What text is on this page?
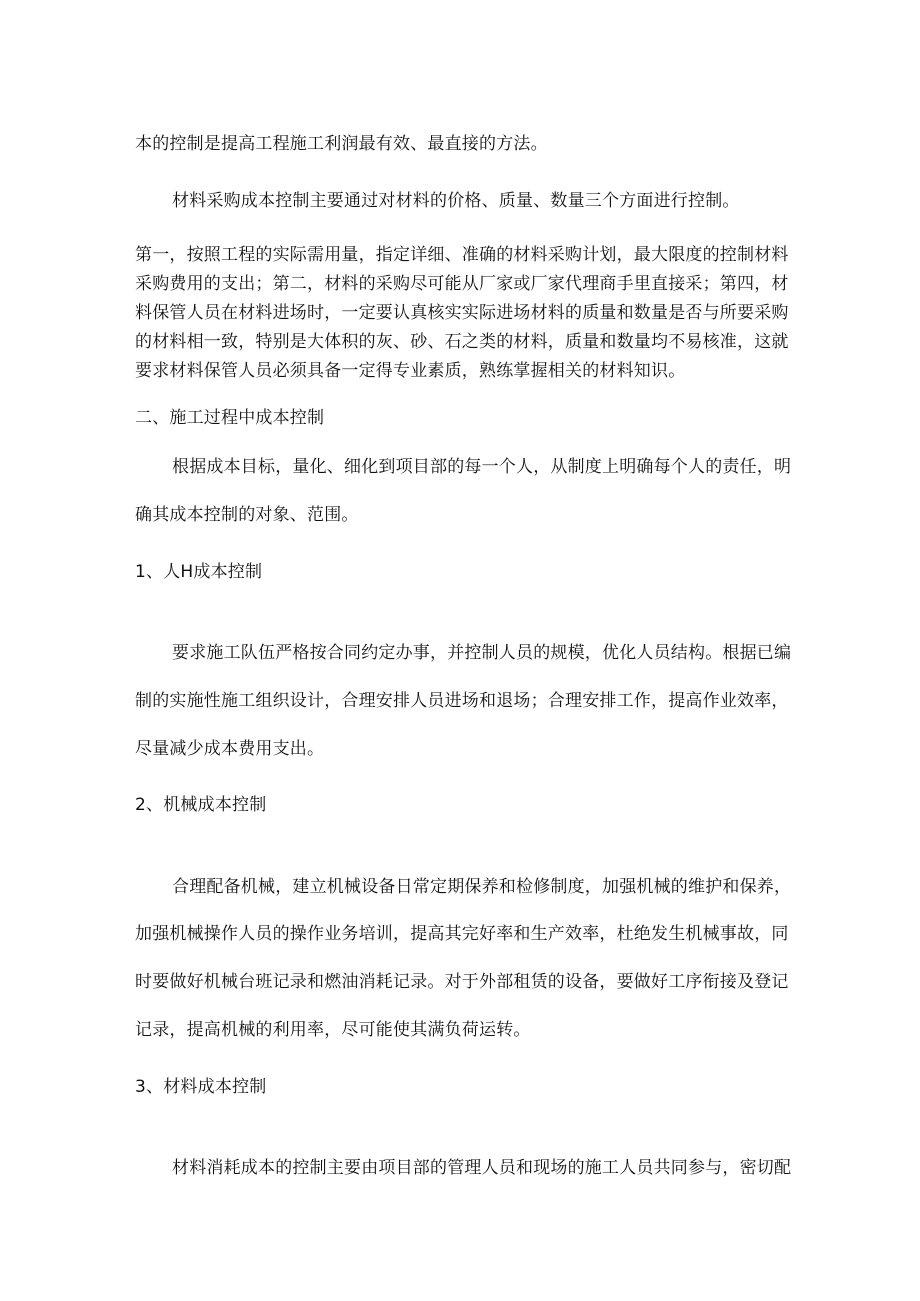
本的控制是提高工程施工利润最有效、最直接的方法。
材料采购成本控制主要通过对材料的价格、质量、数量三个方面进行控制。
第一，按照工程的实际需用量，指定详细、准确的材料采购计划，最大限度的控制材料
采购费用的支出；第二，材料的采购尽可能从厂家或厂家代理商手里直接采；第四，材
料保管人员在材料进场时，一定要认真核实实际进场材料的质量和数量是否与所要采购
的材料相一致，特别是大体积的灰、砂、石之类的材料，质量和数量均不易核准，这就
要求材料保管人员必须具备一定得专业素质，熟练掌握相关的材料知识。
二、施工过程中成本控制
根据成本目标，量化、细化到项目部的每一个人，从制度上明确每个人的责任，明
确其成本控制的对象、范围。
1、人H成本控制
要求施工队伍严格按合同约定办事，并控制人员的规模，优化人员结构。根据已编
制的实施性施工组织设计，合理安排人员进场和退场；合理安排工作，提高作业效率，
尽量减少成本费用支出。
2、机械成本控制
合理配备机械，建立机械设备日常定期保养和检修制度，加强机械的维护和保养，
加强机械操作人员的操作业务培训，提高其完好率和生产效率，杜绝发生机械事故，同
时要做好机械台班记录和燃油消耗记录。对于外部租赁的设备，要做好工序衔接及登记
记录，提高机械的利用率，尽可能使其满负荷运转。
3、材料成本控制
材料消耗成本的控制主要由项目部的管理人员和现场的施工人员共同参与，密切配
